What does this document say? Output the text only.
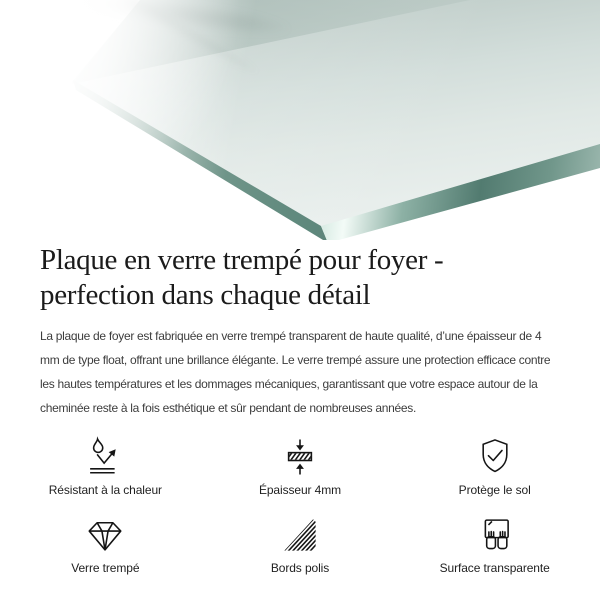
Plaque en verre trempé pour foyer -
perfection dans chaque détail

La plaque de foyer est fabriquée en verre trempé transparent de haute qualité, d’une épaisseur de 4 mm de type float, offrant une brillance élégante. Le verre trempé assure une protection efficace contre les hautes températures et les dommages mécaniques, garantissant que votre espace autour de la cheminée reste à la fois esthétique et sûr pendant de nombreuses années.

Résistant à la chaleur	Épaisseur 4mm	Protège le sol
Verre trempé	Bords polis	Surface transparente
